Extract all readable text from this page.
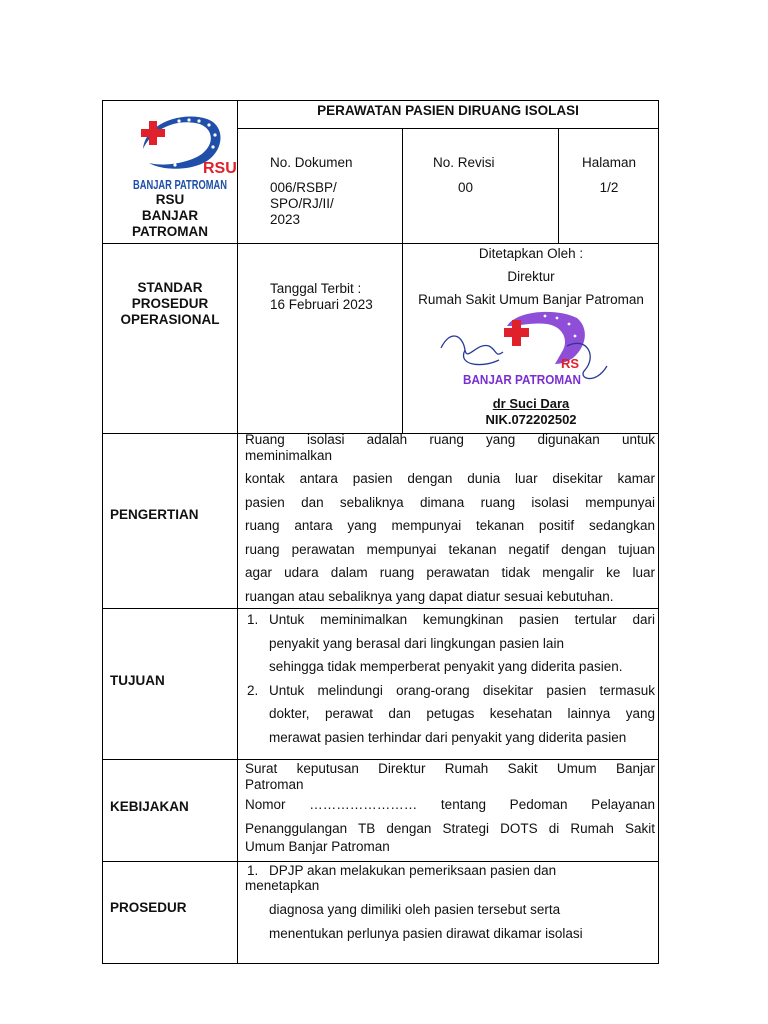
RSU
BANJAR PATROMAN
RSU
BANJAR
PATROMAN
PERAWATAN PASIEN DIRUANG ISOLASI
No. Dokumen
006/RSBP/
SPO/RJ/II/
2023
No. Revisi
00
Halaman
1/2
STANDAR
PROSEDUR
OPERASIONAL
Tanggal Terbit :
16 Februari 2023
Ditetapkan Oleh :
Direktur
Rumah Sakit Umum Banjar Patroman
RS
BANJAR PATROMAN
dr Suci Dara
NIK.072202502
PENGERTIAN

Ruang isolasi adalah ruang yang digunakan untuk

meminimalkan

kontak antara pasien dengan dunia luar disekitar kamar

pasien dan sebaliknya dimana ruang isolasi mempunyai

ruang antara yang mempunyai tekanan positif sedangkan

ruang perawatan mempunyai tekanan negatif dengan tujuan

agar udara dalam ruang perawatan tidak mengalir ke luar

ruangan atau sebaliknya yang dapat diatur sesuai kebutuhan.

TUJUAN
1. Untuk meminimalkan kemungkinan pasien tertular dari

penyakit yang berasal dari lingkungan pasien lain

sehingga tidak memperberat penyakit yang diderita pasien.

2. Untuk melindungi orang-orang disekitar pasien termasuk

dokter, perawat dan petugas kesehatan lainnya yang

merawat pasien terhindar dari penyakit yang diderita pasien

KEBIJAKAN

Surat keputusan Direktur Rumah Sakit Umum Banjar

Patroman

Nomor …………………… tentang Pedoman Pelayanan

Penanggulangan TB dengan Strategi DOTS di Rumah Sakit

Umum Banjar Patroman

PROSEDUR
1. DPJP akan melakukan pemeriksaan pasien dan

menetapkan

diagnosa yang dimiliki oleh pasien tersebut serta

menentukan perlunya pasien dirawat dikamar isolasi
